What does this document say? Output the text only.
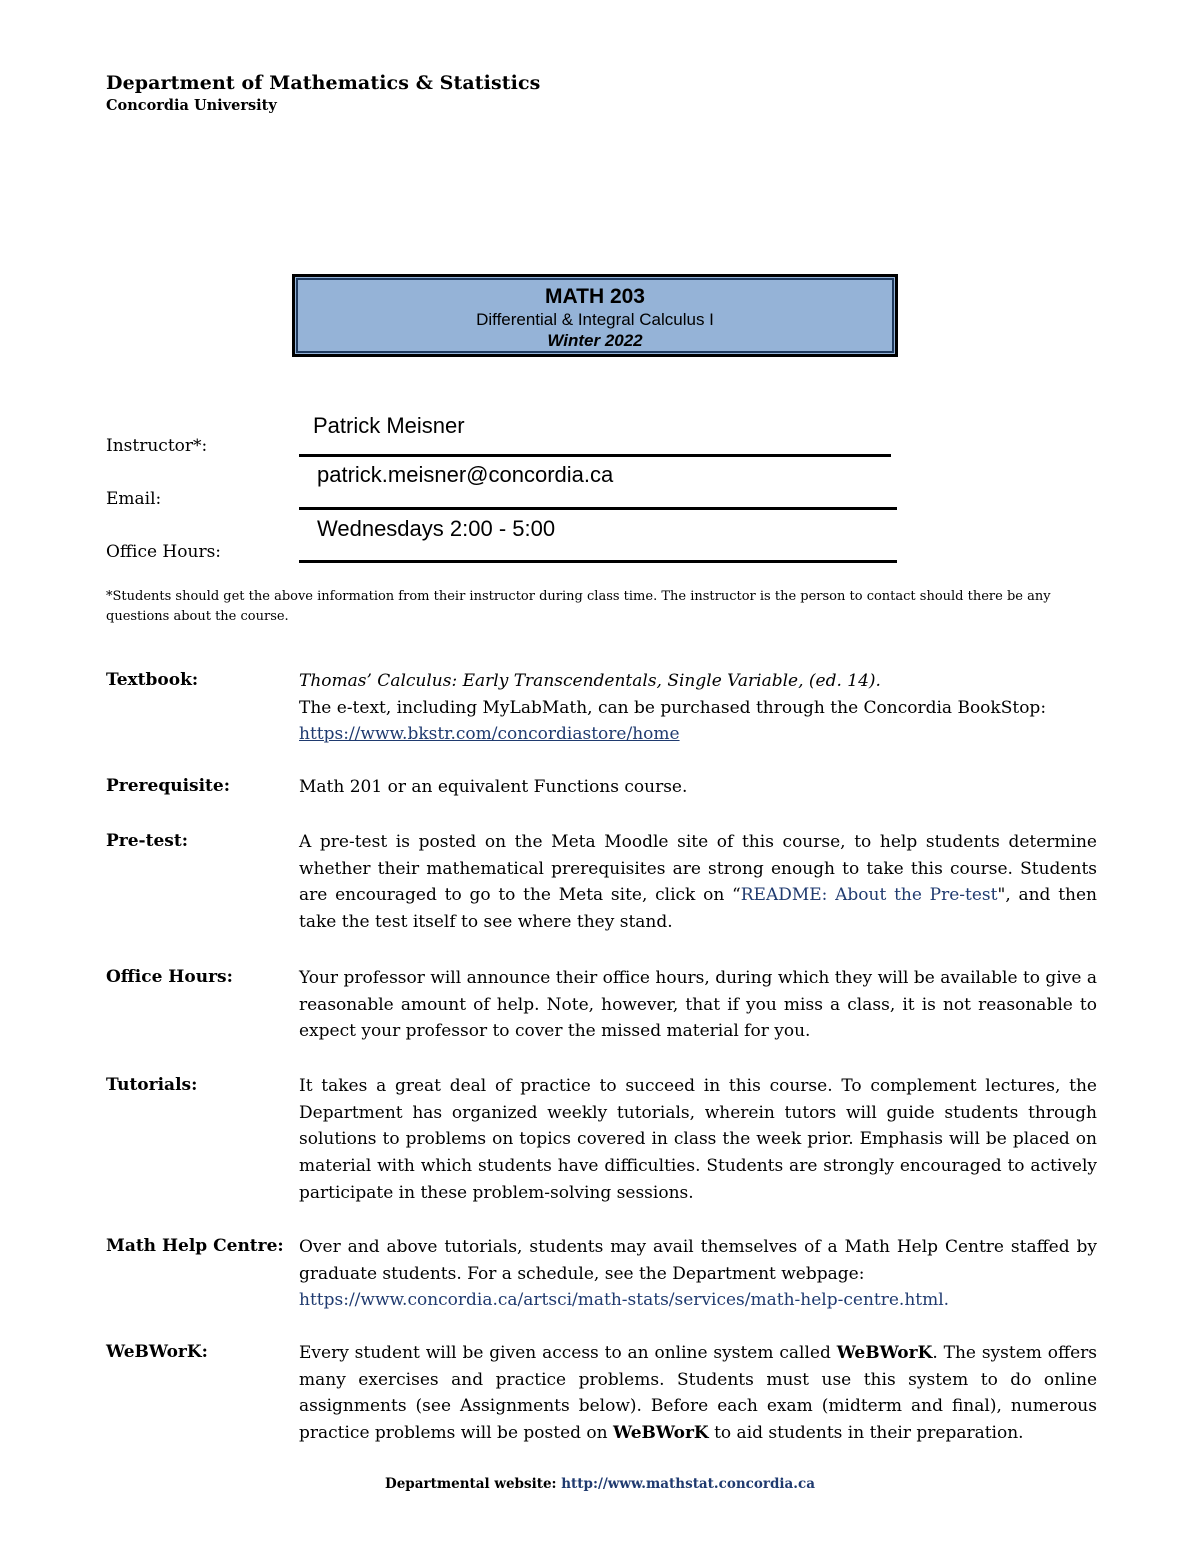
Department of Mathematics & Statistics
Concordia University
MATH 203
Differential & Integral Calculus I
Winter 2022
Instructor*:
Patrick Meisner
Email:
patrick.meisner@concordia.ca
Office Hours:
Wednesdays 2:00 - 5:00
*Students should get the above information from their instructor during class time. The instructor is the person to contact should there be any questions about the course.
Textbook:	Thomas’ Calculus: Early Transcendentals, Single Variable, (ed. 14).
The e-text, including MyLabMath, can be purchased through the Concordia BookStop:
https://www.bkstr.com/concordiastore/home
Prerequisite:	Math 201 or an equivalent Functions course.
Pre-test:	A pre-test is posted on the Meta Moodle site of this course, to help students determine whether their mathematical prerequisites are strong enough to take this course. Students are encouraged to go to the Meta site, click on “README: About the Pre-test", and then take the test itself to see where they stand.
Office Hours:	Your professor will announce their office hours, during which they will be available to give a reasonable amount of help. Note, however, that if you miss a class, it is not reasonable to expect your professor to cover the missed material for you.
Tutorials:	It takes a great deal of practice to succeed in this course. To complement lectures, the Department has organized weekly tutorials, wherein tutors will guide students through solutions to problems on topics covered in class the week prior. Emphasis will be placed on material with which students have difficulties. Students are strongly encouraged to actively participate in these problem-solving sessions.
Math Help Centre: Over and above tutorials, students may avail themselves of a Math Help Centre staffed by graduate students. For a schedule, see the Department webpage:
https://www.concordia.ca/artsci/math-stats/services/math-help-centre.html.
WeBWorK:	Every student will be given access to an online system called WeBWorK. The system offers many exercises and practice problems. Students must use this system to do online assignments (see Assignments below). Before each exam (midterm and final), numerous practice problems will be posted on WeBWorK to aid students in their preparation.
Departmental website: http://www.mathstat.concordia.ca
